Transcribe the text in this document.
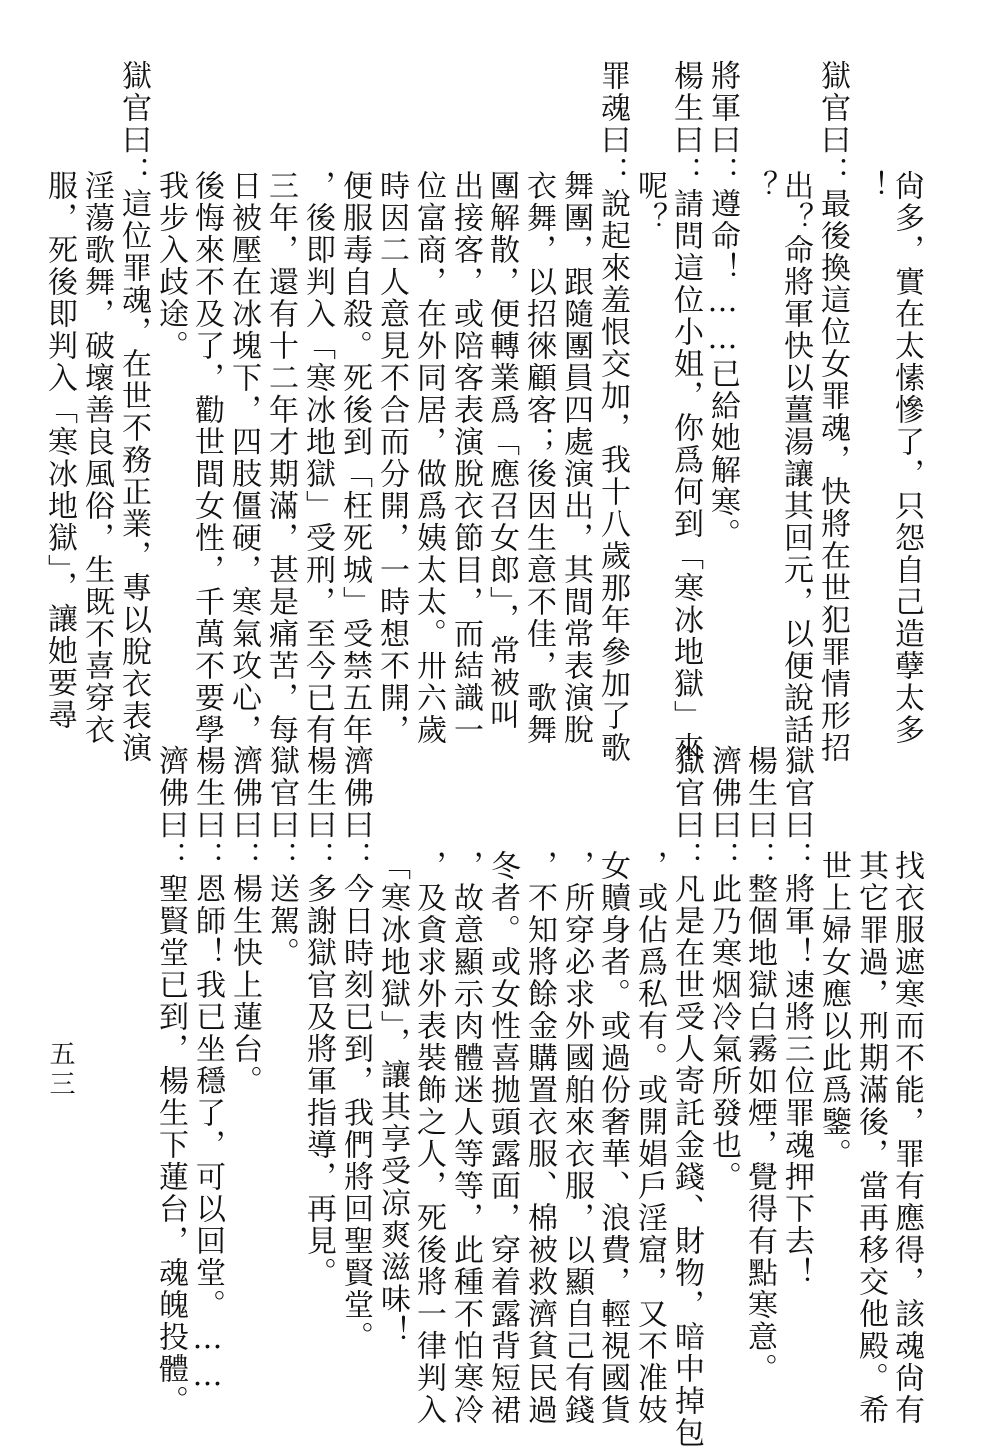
尙多，實在太愫慘了，只怨自己造孽太多
！
獄官曰：最後換這位女罪魂，快將在世犯罪情形招
出？命將軍快以薑湯讓其回元，以便說話
？
將軍曰：遵命！……已給她解寒。
楊生曰：請問這位小姐，你爲何到「寒冰地獄」來
呢？
罪魂曰：說起來羞恨交加，我十八歲那年參加了歌
舞團，跟隨團員四處演出，其間常表演脫
衣舞，以招徠顧客；後因生意不佳，歌舞
團解散，便轉業爲「應召女郎」，常被叫
出接客，或陪客表演脫衣節目，而結識一
位富商，在外同居，做爲姨太太。卅六歲
時因二人意見不合而分開，一時想不開，
便服毒自殺。死後到「枉死城」受禁五年
，後即判入「寒冰地獄」受刑，至今已有
三年，還有十二年才期滿，甚是痛苦，每
日被壓在冰塊下，四肢僵硬，寒氣攻心，
後悔來不及了，勸世間女性，千萬不要學
我步入歧途。
獄官曰：這位罪魂，在世不務正業，專以脫衣表演
淫蕩歌舞，破壞善良風俗，生既不喜穿衣
服，死後即判入「寒冰地獄」，讓她要尋
找衣服遮寒而不能，罪有應得，該魂尙有
其它罪過，刑期滿後，當再移交他殿。希
世上婦女應以此爲鑒。
獄官曰：將軍！速將三位罪魂押下去！
楊生曰：整個地獄白霧如煙，覺得有點寒意。
濟佛曰：此乃寒烟冷氣所發也。
獄官曰：凡是在世受人寄託金錢、財物，暗中掉包
，或佔爲私有。或開娼戶淫窟，又不准妓
女贖身者。或過份奢華、浪費，輕視國貨
，所穿必求外國舶來衣服，以顯自己有錢
，不知將餘金購置衣服、棉被救濟貧民過
冬者。或女性喜拋頭露面，穿着露背短裙
，故意顯示肉體迷人等等，此種不怕寒冷
，及貪求外表裝飾之人，死後將一律判入
「寒冰地獄」，讓其享受凉爽滋味！
濟佛曰：今日時刻已到，我們將回聖賢堂。
楊生曰：多謝獄官及將軍指導，再見。
獄官曰：送駕。
濟佛曰：楊生快上蓮台。
楊生曰：恩師！我已坐穩了，可以回堂。……
濟佛曰：聖賢堂已到，楊生下蓮台，魂魄投體。
五三
